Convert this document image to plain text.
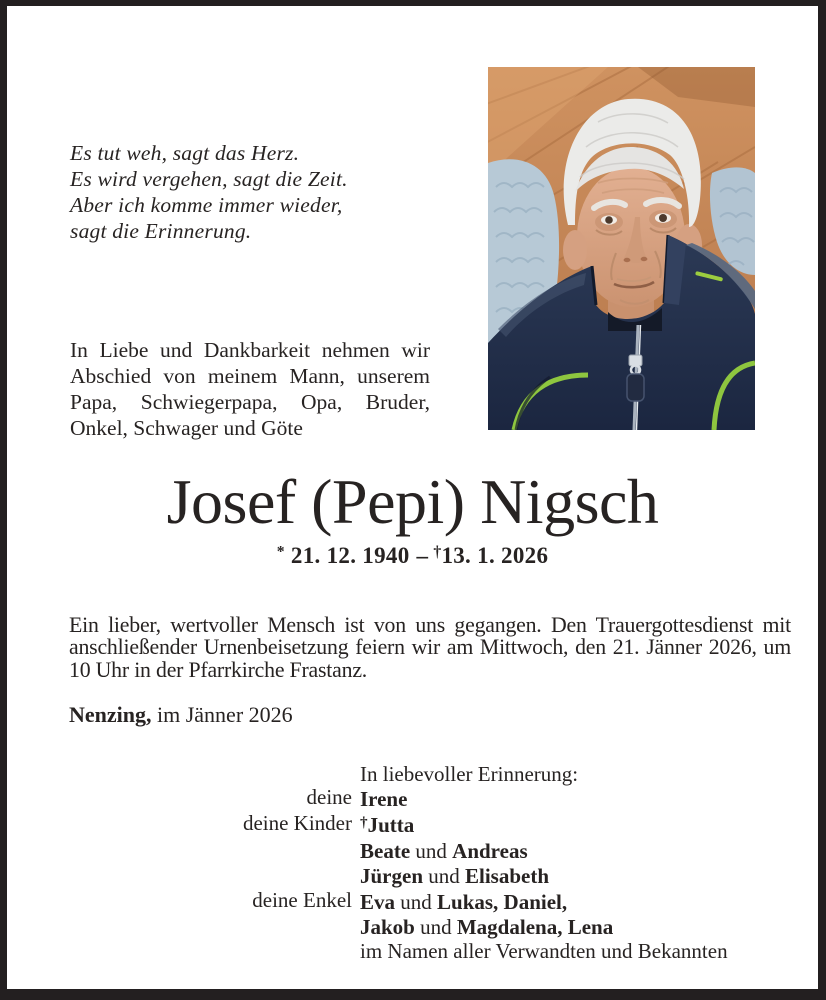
Es tut weh, sagt das Herz.
Es wird vergehen, sagt die Zeit.
Aber ich komme immer wieder,
sagt die Erinnerung.
In Liebe und Dankbarkeit nehmen wir Abschied von meinem Mann, unserem Papa, Schwiegerpapa, Opa, Bruder, Onkel, Schwager und Göte
Josef (Pepi) Nigsch
* 21. 12. 1940 – †13. 1. 2026
Ein lieber, wertvoller Mensch ist von uns gegangen. Den Trauergottesdienst mit anschließender Urnenbeisetzung feiern wir am Mittwoch, den 21. Jänner 2026, um 10 Uhr in der Pfarrkirche Frastanz.
Nenzing, im Jänner 2026
In liebevoller Erinnerung:
deine Irene
deine Kinder †Jutta
Beate und Andreas
Jürgen und Elisabeth
deine Enkel Eva und Lukas, Daniel,
Jakob und Magdalena, Lena
im Namen aller Verwandten und Bekannten
